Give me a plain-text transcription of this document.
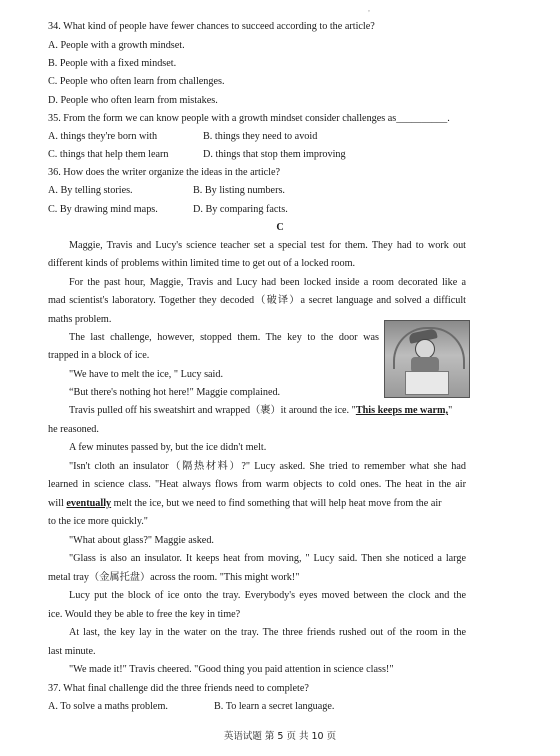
,
34. What kind of people have fewer chances to succeed according to the article?
A. People with a growth mindset.
B. People with a fixed mindset.
C. People who often learn from challenges.
D. People who often learn from mistakes.
35. From the form we can know people with a growth mindset consider challenges as__________.
A. things they're born with	B. things they need to avoid
C. things that help them learn	D. things that stop them improving
36. How does the writer organize the ideas in the article?
A. By telling stories.	B. By listing numbers.
C. By drawing mind maps.	D. By comparing facts.
C
Maggie, Travis and Lucy's science teacher set a special test for them. They had to work out
different kinds of problems within limited time to get out of a locked room.
For the past hour, Maggie, Travis and Lucy had been locked inside a room decorated like a
mad scientist's laboratory. Together they decoded（破译）a secret language and solved a difficult
maths problem.
The last challenge, however, stopped them. The key to the door was
trapped in a block of ice.
"We have to melt the ice, " Lucy said.
“But there's nothing hot here!" Maggie complained.
Travis pulled off his sweatshirt and wrapped（裹）it around the ice. "This keeps me warm,"
he reasoned.
A few minutes passed by, but the ice didn't melt.
"Isn't cloth an insulator（隔热材料）?" Lucy asked. She tried to remember what she had
learned in science class. "Heat always flows from warm objects to cold ones. The heat in the air
will eventually melt the ice, but we need to find something that will help heat move from the air
to the ice more quickly."
"What about glass?" Maggie asked.
"Glass is also an insulator. It keeps heat from moving, " Lucy said. Then she noticed a large
metal tray（金属托盘）across the room. "This might work!"
Lucy put the block of ice onto the tray. Everybody's eyes moved between the clock and the
ice. Would they be able to free the key in time?
At last, the key lay in the water on the tray. The three friends rushed out of the room in the
last minute.
"We made it!" Travis cheered. "Good thing you paid attention in science class!"
37. What final challenge did the three friends need to complete?
A. To solve a maths problem.	B. To learn a secret language.
英语试题 第 5 页 共 10 页
